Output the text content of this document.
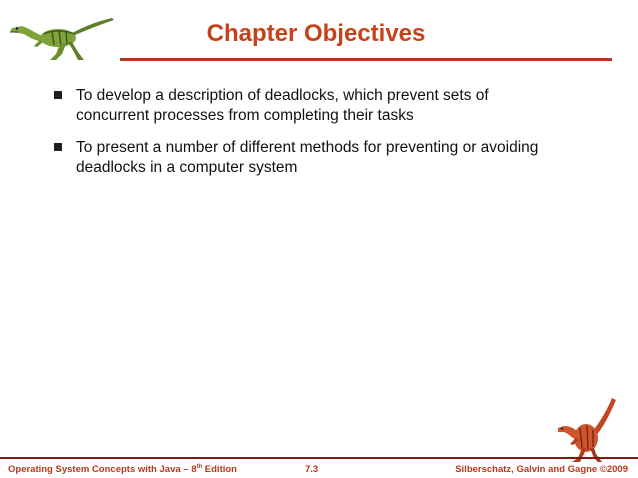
Chapter Objectives
To develop a description of deadlocks, which prevent sets of
concurrent processes from completing their tasks
To present a number of different methods for preventing or avoiding
deadlocks in a computer system
Operating System Concepts with Java – 8th Edition	7.3	Silberschatz, Galvin and Gagne ©2009
